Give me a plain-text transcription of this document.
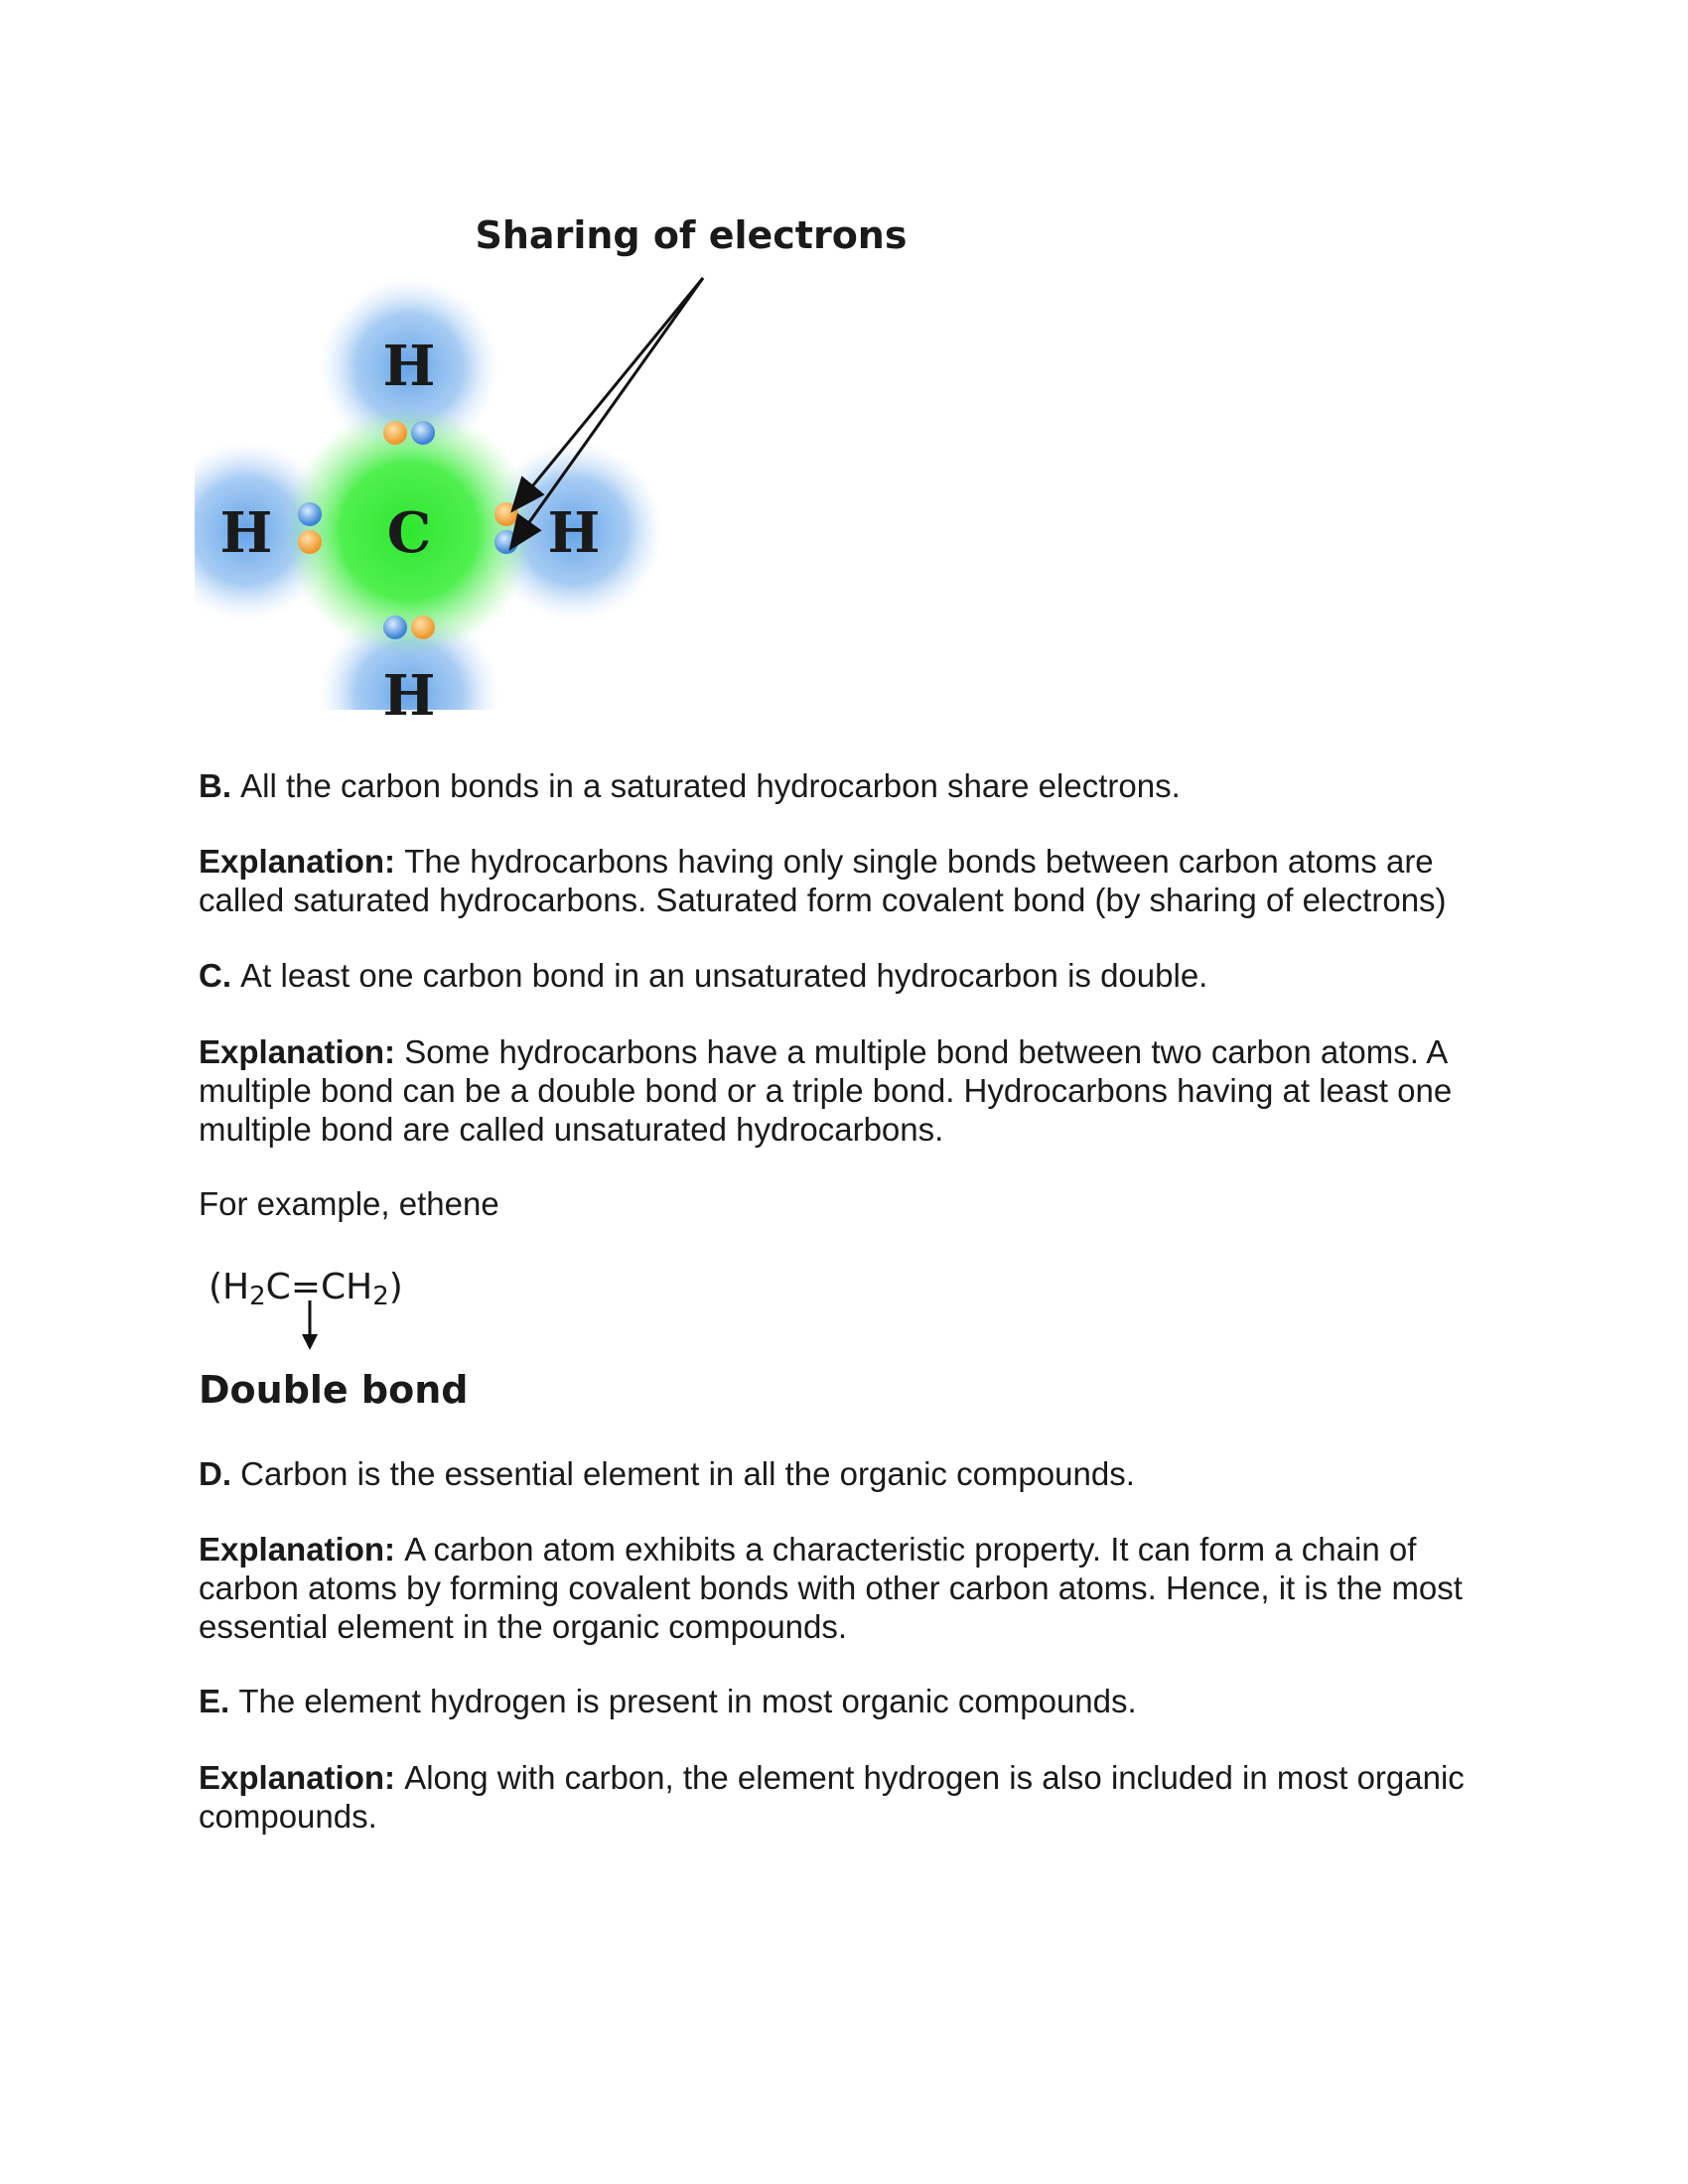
H
C
H	H
H
Sharing of electrons

B. All the carbon bonds in a saturated hydrocarbon share electrons.

Explanation: The hydrocarbons having only single bonds between carbon atoms are called saturated hydrocarbons. Saturated form covalent bond (by sharing of electrons)

C. At least one carbon bond in an unsaturated hydrocarbon is double.

Explanation: Some hydrocarbons have a multiple bond between two carbon atoms. A multiple bond can be a double bond or a triple bond. Hydrocarbons having at least one multiple bond are called unsaturated hydrocarbons.

For example, ethene

(H2C=CH2)
Double bond

D. Carbon is the essential element in all the organic compounds.

Explanation: A carbon atom exhibits a characteristic property. It can form a chain of carbon atoms by forming covalent bonds with other carbon atoms. Hence, it is the most essential element in the organic compounds.

E. The element hydrogen is present in most organic compounds.

Explanation: Along with carbon, the element hydrogen is also included in most organic compounds.
